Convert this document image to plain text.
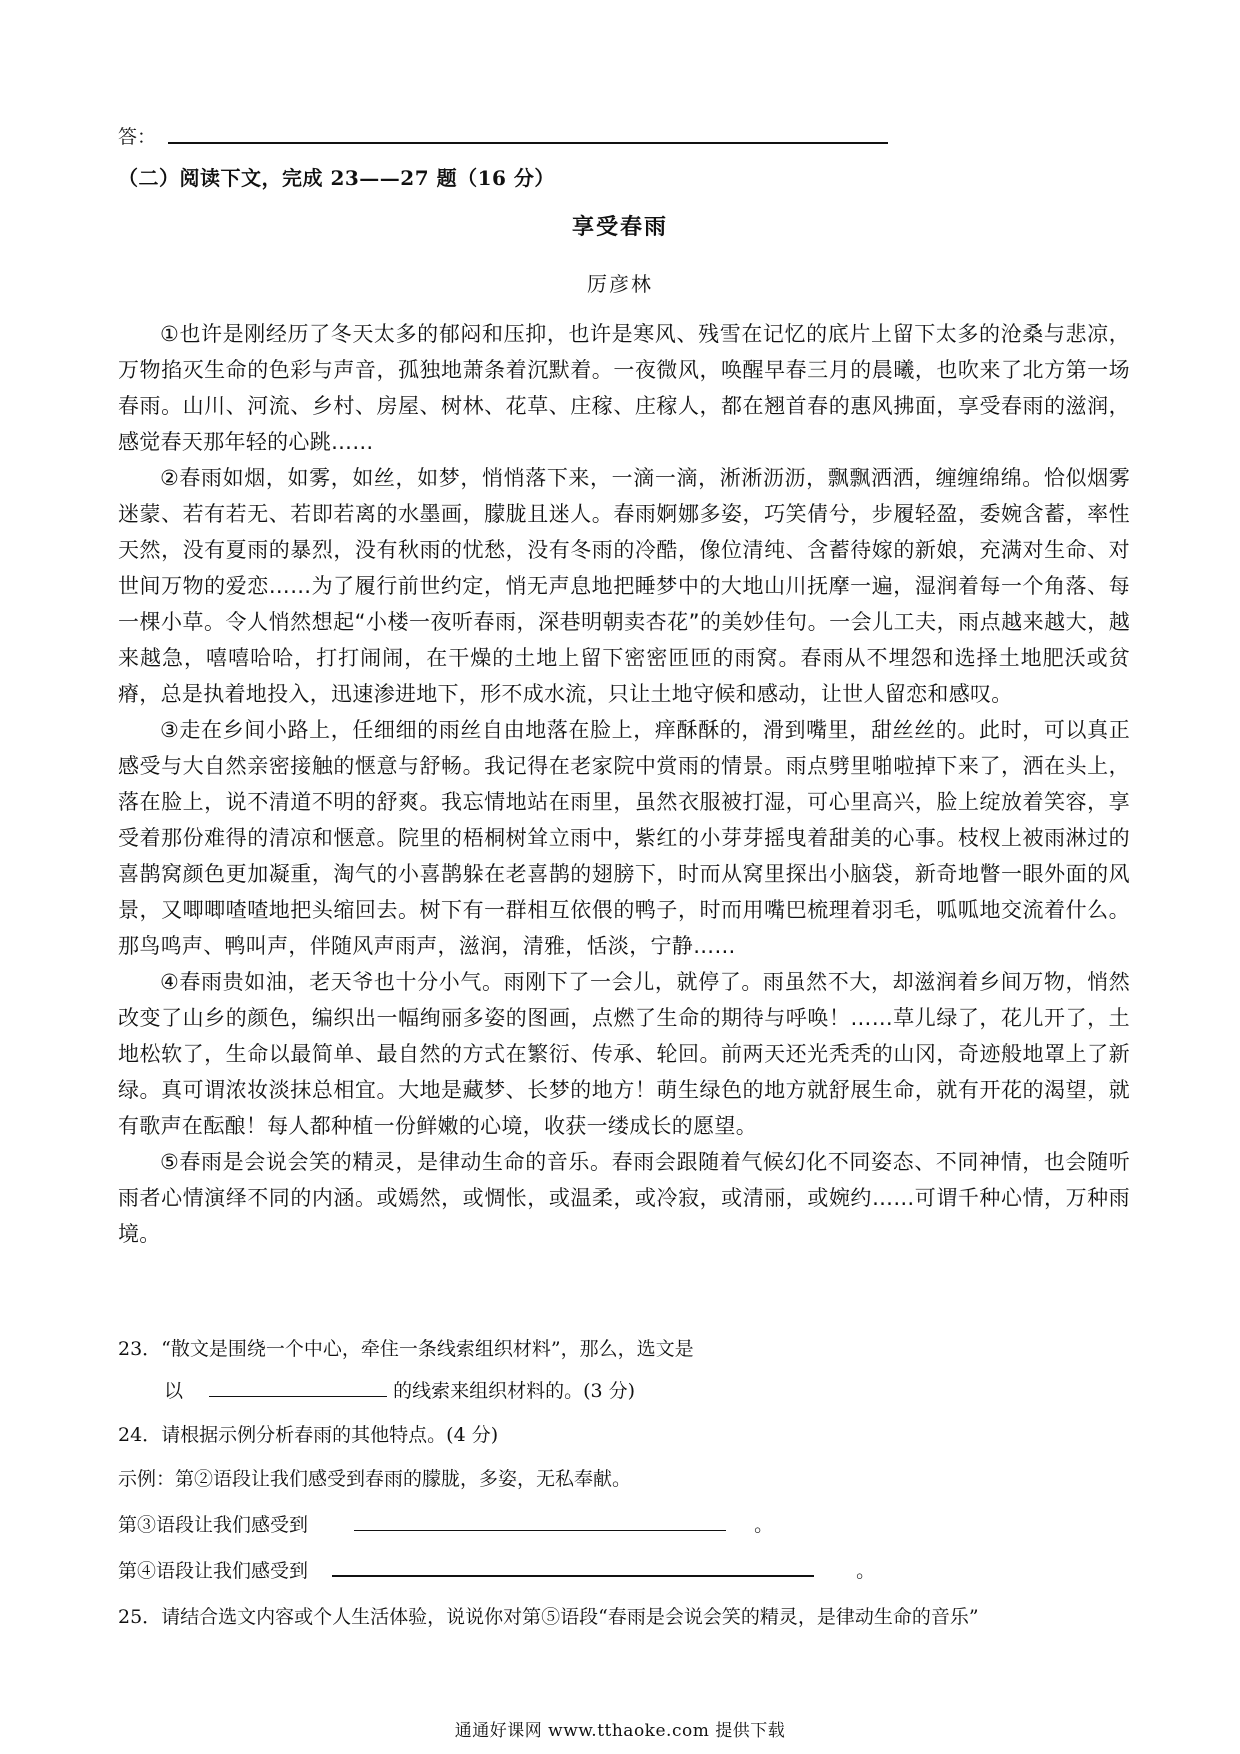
答：
（二）阅读下文，完成 23——27 题（16 分）
享受春雨
厉彦林

①也许是刚经历了冬天太多的郁闷和压抑，也许是寒风、残雪在记忆的底片上留下太多的沧桑与悲凉，万物掐灭生命的色彩与声音，孤独地萧条着沉默着。一夜微风，唤醒早春三月的晨曦，也吹来了北方第一场春雨。山川、河流、乡村、房屋、树林、花草、庄稼、庄稼人，都在翘首春的惠风拂面，享受春雨的滋润，感觉春天那年轻的心跳……

②春雨如烟，如雾，如丝，如梦，悄悄落下来，一滴一滴，淅淅沥沥，飘飘洒洒，缠缠绵绵。恰似烟雾迷蒙、若有若无、若即若离的水墨画，朦胧且迷人。春雨婀娜多姿，巧笑倩兮，步履轻盈，委婉含蓄，率性天然，没有夏雨的暴烈，没有秋雨的忧愁，没有冬雨的冷酷，像位清纯、含蓄待嫁的新娘，充满对生命、对世间万物的爱恋……为了履行前世约定，悄无声息地把睡梦中的大地山川抚摩一遍，湿润着每一个角落、每一棵小草。令人悄然想起“小楼一夜听春雨，深巷明朝卖杏花”的美妙佳句。一会儿工夫，雨点越来越大，越来越急，嘻嘻哈哈，打打闹闹，在干燥的土地上留下密密匝匝的雨窝。春雨从不埋怨和选择土地肥沃或贫瘠，总是执着地投入，迅速渗进地下，形不成水流，只让土地守候和感动，让世人留恋和感叹。

③走在乡间小路上，任细细的雨丝自由地落在脸上，痒酥酥的，滑到嘴里，甜丝丝的。此时，可以真正感受与大自然亲密接触的惬意与舒畅。我记得在老家院中赏雨的情景。雨点劈里啪啦掉下来了，洒在头上，落在脸上，说不清道不明的舒爽。我忘情地站在雨里，虽然衣服被打湿，可心里高兴，脸上绽放着笑容，享受着那份难得的清凉和惬意。院里的梧桐树耸立雨中，紫红的小芽芽摇曳着甜美的心事。枝杈上被雨淋过的喜鹊窝颜色更加凝重，淘气的小喜鹊躲在老喜鹊的翅膀下，时而从窝里探出小脑袋，新奇地瞥一眼外面的风景，又唧唧喳喳地把头缩回去。树下有一群相互依偎的鸭子，时而用嘴巴梳理着羽毛，呱呱地交流着什么。那鸟鸣声、鸭叫声，伴随风声雨声，滋润，清雅，恬淡，宁静……

④春雨贵如油，老天爷也十分小气。雨刚下了一会儿，就停了。雨虽然不大，却滋润着乡间万物，悄然改变了山乡的颜色，编织出一幅绚丽多姿的图画，点燃了生命的期待与呼唤！……草儿绿了，花儿开了，土地松软了，生命以最简单、最自然的方式在繁衍、传承、轮回。前两天还光秃秃的山冈，奇迹般地罩上了新绿。真可谓浓妆淡抹总相宜。大地是藏梦、长梦的地方！萌生绿色的地方就舒展生命，就有开花的渴望，就有歌声在酝酿！每人都种植一份鲜嫩的心境，收获一缕成长的愿望。

⑤春雨是会说会笑的精灵，是律动生命的音乐。春雨会跟随着气候幻化不同姿态、不同神情，也会随听雨者心情演绎不同的内涵。或嫣然，或惆怅，或温柔，或冷寂，或清丽，或婉约……可谓千种心情，万种雨境。

23．“散文是围绕一个中心，牵住一条线索组织材料”，那么，选文是
以	的线索来组织材料的。(3 分)
24．请根据示例分析春雨的其他特点。(4 分)
示例：第②语段让我们感受到春雨的朦胧，多姿，无私奉献。
第③语段让我们感受到	。
第④语段让我们感受到	。
25．请结合选文内容或个人生活体验，说说你对第⑤语段“春雨是会说会笑的精灵，是律动生命的音乐”
通通好课网 www.tthaoke.com 提供下载
